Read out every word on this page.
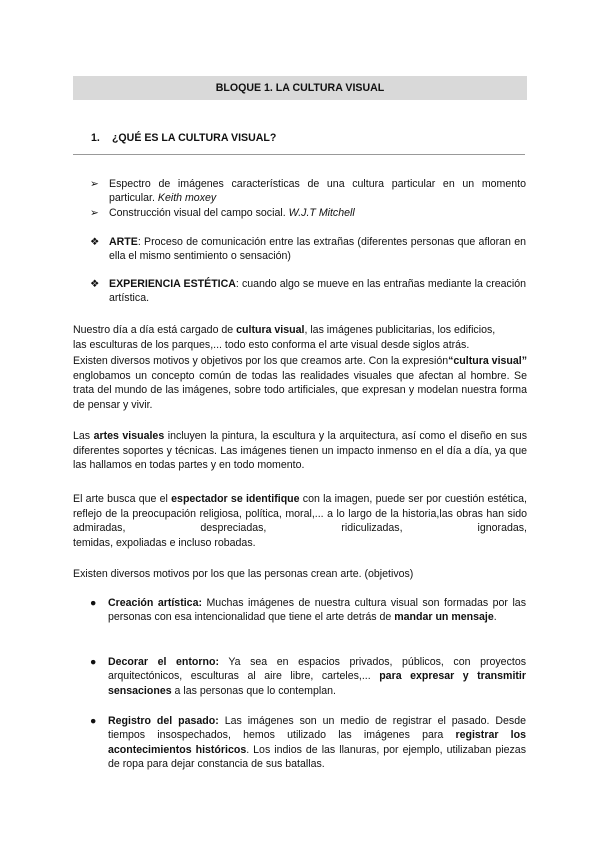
BLOQUE 1. LA CULTURA VISUAL
1. ¿QUÉ ES LA CULTURA VISUAL?
➢ Espectro de imágenes características de una cultura particular en un momento particular. Keith moxey
➢ Construcción visual del campo social. W.J.T Mitchell
❖ ARTE: Proceso de comunicación entre las extrañas (diferentes personas que afloran en ella el mismo sentimiento o sensación)
❖ EXPERIENCIA ESTÉTICA: cuando algo se mueve en las entrañas mediante la creación artística.
Nuestro día a día está cargado de cultura visual, las imágenes publicitarias, los edificios,
las esculturas de los parques,... todo esto conforma el arte visual desde siglos atrás.
Existen diversos motivos y objetivos por los que creamos arte. Con la expresión“cultura visual” englobamos un concepto común de todas las realidades visuales que afectan al hombre. Se trata del mundo de las imágenes, sobre todo artificiales, que expresan y modelan nuestra forma de pensar y vivir.
Las artes visuales incluyen la pintura, la escultura y la arquitectura, así como el diseño en sus diferentes soportes y técnicas. Las imágenes tienen un impacto inmenso en el día a día, ya que las hallamos en todas partes y en todo momento.
El arte busca que el espectador se identifique con la imagen, puede ser por cuestión estética, reflejo de la preocupación religiosa, política, moral,... a lo largo de la historia,las obras han sido admiradas, despreciadas, ridiculizadas, ignoradas,
temidas, expoliadas e incluso robadas.
Existen diversos motivos por los que las personas crean arte. (objetivos)
●	Creación artística: Muchas imágenes de nuestra cultura visual son formadas por las personas con esa intencionalidad que tiene el arte detrás de mandar un mensaje.
●	Decorar el entorno: Ya sea en espacios privados, públicos, con proyectos arquitectónicos, esculturas al aire libre, carteles,... para expresar y transmitir sensaciones a las personas que lo contemplan.
●	Registro del pasado: Las imágenes son un medio de registrar el pasado. Desde tiempos insospechados, hemos utilizado las imágenes para registrar los acontecimientos históricos. Los indios de las llanuras, por ejemplo, utilizaban piezas de ropa para dejar constancia de sus batallas.
